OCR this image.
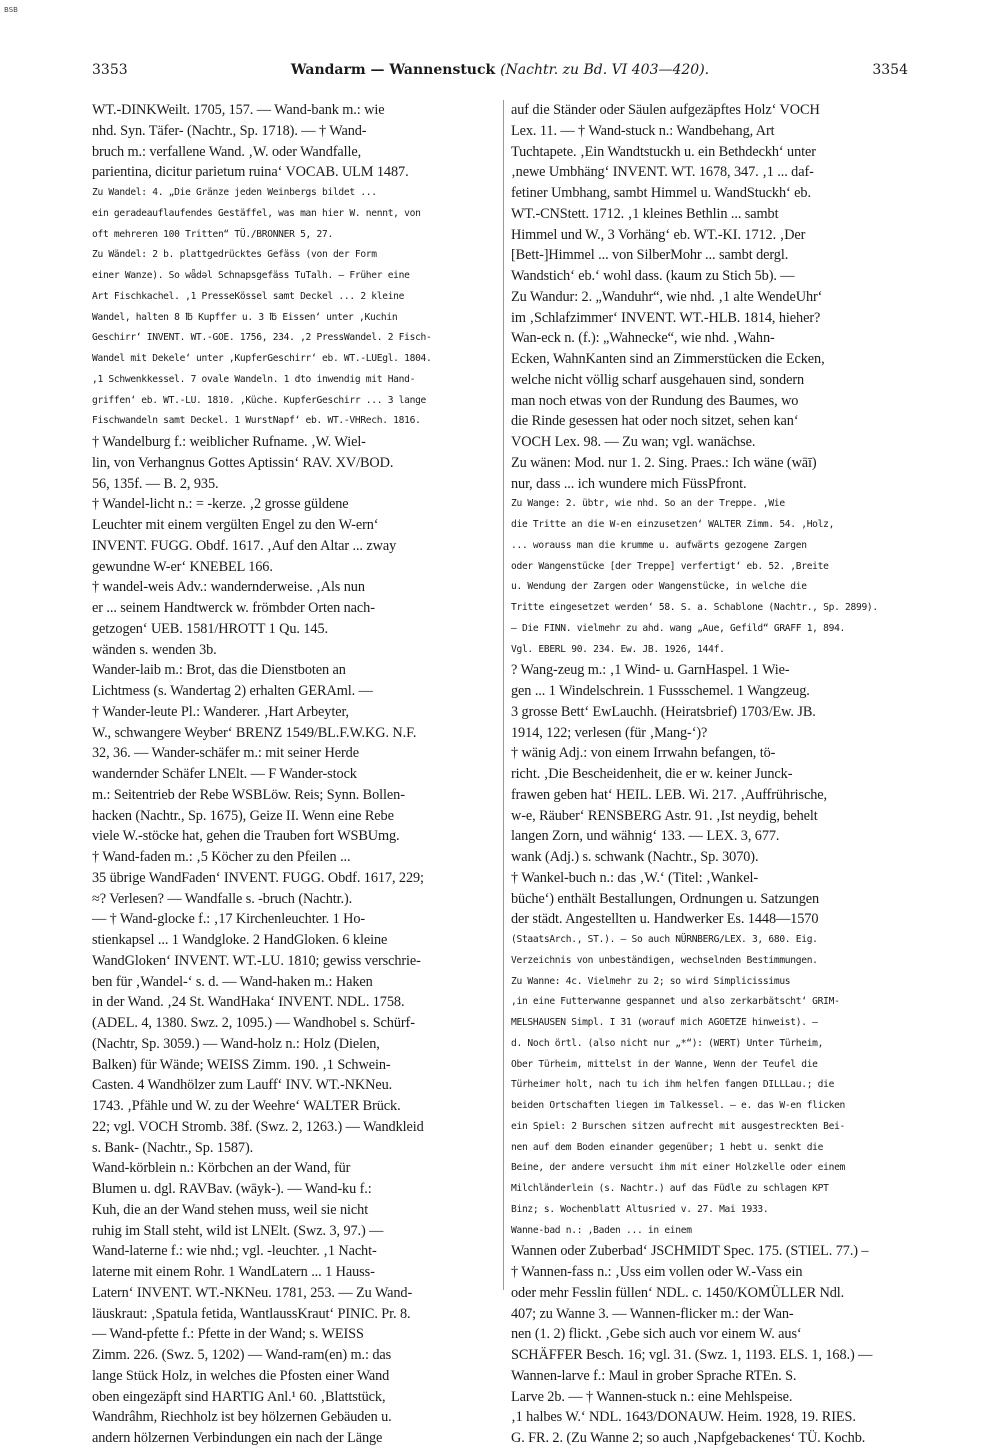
BSB
3353	Wandarm — Wannenstuck (Nachtr. zu Bd. VI 403—420).	3354
WT.-DINKWeilt. 1705, 157. — Wand-bank m.: wie
nhd. Syn. Täfer- (Nachtr., Sp. 1718). — † Wand-
bruch m.: verfallene Wand. ‚W. oder Wandfalle,
parientina, dicitur parietum ruina‘ VOCAB. ULM 1487.
Zu Wandel: 4. „Die Gränze jeden Weinbergs bildet ...
ein geradeauflaufendes Gestäffel, was man hier W. nennt, von
oft mehreren 100 Tritten“ TÜ./BRONNER 5, 27.
Zu Wändel: 2 b. plattgedrücktes Gefäss (von der Form
einer Wanze). So wǟdəl Schnapsgefäss TuTalh. – Früher eine
Art Fischkachel. ‚1 PresseKössel samt Deckel ... 2 kleine
Wandel, halten 8 ℔ Kupffer u. 3 ℔ Eissen‘ unter ‚Kuchin
Geschirr‘ INVENT. WT.-GOE. 1756, 234. ‚2 PressWandel. 2 Fisch-
Wandel mit Dekele‘ unter ‚KupferGeschirr‘ eb. WT.-LUEgl. 1804.
‚1 Schwenkkessel. 7 ovale Wandeln. 1 dto inwendig mit Hand-
griffen‘ eb. WT.-LU. 1810. ‚Küche. KupferGeschirr ... 3 lange
Fischwandeln samt Deckel. 1 WurstNapf‘ eb. WT.-VHRech. 1816.
† Wandelburg f.: weiblicher Rufname. ‚W. Wiel-
lin, von Verhangnus Gottes Aptissin‘ RAV. XV/BOD.
56, 135f. — B. 2, 935.
† Wandel-licht n.: = -kerze. ‚2 grosse güldene
Leuchter mit einem vergülten Engel zu den W-ern‘
INVENT. FUGG. Obdf. 1617. ‚Auf den Altar ... zway
gewundne W-er‘ KNEBEL 166.
† wandel-weis Adv.: wandernderweise. ‚Als nun
er ... seinem Handtwerck w. frömbder Orten nach-
getzogen‘ UEB. 1581/HROTT 1 Qu. 145.
wänden s. wenden 3b.
Wander-laib m.: Brot, das die Dienstboten an
Lichtmess (s. Wandertag 2) erhalten GERAml. —
† Wander-leute Pl.: Wanderer. ‚Hart Arbeyter,
W., schwangere Weyber‘ BRENZ 1549/BL.F.W.KG. N.F.
32, 36. — Wander-schäfer m.: mit seiner Herde
wandernder Schäfer LNElt. — F Wander-stock
m.: Seitentrieb der Rebe WSBLöw. Reis; Synn. Bollen-
hacken (Nachtr., Sp. 1675), Geize II. Wenn eine Rebe
viele W.-stöcke hat, gehen die Trauben fort WSBUmg.
† Wand-faden m.: ‚5 Köcher zu den Pfeilen ...
35 übrige WandFaden‘ INVENT. FUGG. Obdf. 1617, 229;
≈? Verlesen? — Wandfalle s. -bruch (Nachtr.).
— † Wand-glocke f.: ‚17 Kirchenleuchter. 1 Ho-
stienkapsel ... 1 Wandgloke. 2 HandGloken. 6 kleine
WandGloken‘ INVENT. WT.-LU. 1810; gewiss verschrie-
ben für ‚Wandel-‘ s. d. — Wand-haken m.: Haken
in der Wand. ‚24 St. WandHaka‘ INVENT. NDL. 1758.
(ADEL. 4, 1380. Swz. 2, 1095.) — Wandhobel s. Schürf-
(Nachtr, Sp. 3059.) — Wand-holz n.: Holz (Dielen,
Balken) für Wände; WEISS Zimm. 190. ‚1 Schwein-
Casten. 4 Wandhölzer zum Lauff‘ INV. WT.-NKNeu.
1743. ‚Pfähle und W. zu der Weehre‘ WALTER Brück.
22; vgl. VOCH Stromb. 38f. (Swz. 2, 1263.) — Wandkleid
s. Bank- (Nachtr., Sp. 1587).
Wand-körblein n.: Körbchen an der Wand, für
Blumen u. dgl. RAVBav. (wāyk-). — Wand-ku f.:
Kuh, die an der Wand stehen muss, weil sie nicht
ruhig im Stall steht, wild ist LNElt. (Swz. 3, 97.) —
Wand-laterne f.: wie nhd.; vgl. -leuchter. ‚1 Nacht-
laterne mit einem Rohr. 1 WandLatern ... 1 Hauss-
Latern‘ INVENT. WT.-NKNeu. 1781, 253. — Zu Wand-
läuskraut: ‚Spatula fetida, WantlaussKraut‘ PINIC. Pr. 8.
— Wand-pfette f.: Pfette in der Wand; s. WEISS
Zimm. 226. (Swz. 5, 1202) — Wand-ram(en) m.: das
lange Stück Holz, in welches die Pfosten einer Wand
oben eingezäpft sind HARTIG Anl.¹ 60. ‚Blattstück,
Wandrâhm, Riechholz ist bey hölzernen Gebäuden u.
andern hölzernen Verbindungen ein nach der Länge
auf die Ständer oder Säulen aufgezäpftes Holz‘ VOCH
Lex. 11. — † Wand-stuck n.: Wandbehang, Art
Tuchtapete. ‚Ein Wandtstuckh u. ein Bethdeckh‘ unter
‚newe Umbhäng‘ INVENT. WT. 1678, 347. ‚1 ... daf-
fetiner Umbhang, sambt Himmel u. WandStuckh‘ eb.
WT.-CNStett. 1712. ‚1 kleines Bethlin ... sambt
Himmel und W., 3 Vorhäng‘ eb. WT.-KI. 1712. ‚Der
[Bett-]Himmel ... von SilberMohr ... sambt dergl.
Wandstich‘ eb.‘ wohl dass. (kaum zu Stich 5b). —
Zu Wandur: 2. „Wanduhr“, wie nhd. ‚1 alte WendeUhr‘
im ‚Schlafzimmer‘ INVENT. WT.-HLB. 1814, hieher?
Wan-eck n. (f.): „Wahnecke“, wie nhd. ‚Wahn-
Ecken, WahnKanten sind an Zimmerstücken die Ecken,
welche nicht völlig scharf ausgehauen sind, sondern
man noch etwas von der Rundung des Baumes, wo
die Rinde gesessen hat oder noch sitzet, sehen kan‘
VOCH Lex. 98. — Zu wan; vgl. wanächse.
Zu wänen: Mod. nur 1. 2. Sing. Praes.: Ich wäne (wāī)
nur, dass ... ich wundere mich FüssPfront.
Zu Wange: 2. übtr, wie nhd. So an der Treppe. ‚Wie
die Tritte an die W-en einzusetzen‘ WALTER Zimm. 54. ‚Holz,
... worauss man die krumme u. aufwärts gezogene Zargen
oder Wangenstücke [der Treppe] verfertigt‘ eb. 52. ‚Breite
u. Wendung der Zargen oder Wangenstücke, in welche die
Tritte eingesetzet werden‘ 58. S. a. Schablone (Nachtr., Sp. 2899).
– Die FINN. vielmehr zu ahd. wang „Aue, Gefild“ GRAFF 1, 894.
Vgl. EBERL 90. 234. Ew. JB. 1926, 144f.
? Wang-zeug m.: ‚1 Wind- u. GarnHaspel. 1 Wie-
gen ... 1 Windelschrein. 1 Fussschemel. 1 Wangzeug.
3 grosse Bett‘ EwLauchh. (Heiratsbrief) 1703/Ew. JB.
1914, 122; verlesen (für ‚Mang-‘)?
† wänig Adj.: von einem Irrwahn befangen, tö-
richt. ‚Die Bescheidenheit, die er w. keiner Junck-
frawen geben hat‘ HEIL. LEB. Wi. 217. ‚Auffrührische,
w-e, Räuber‘ RENSBERG Astr. 91. ‚Ist neydig, behelt
langen Zorn, und wähnig‘ 133. — LEX. 3, 677.
wank (Adj.) s. schwank (Nachtr., Sp. 3070).
† Wankel-buch n.: das ‚W.‘ (Titel: ‚Wankel-
büche‘) enthält Bestallungen, Ordnungen u. Satzungen
der städt. Angestellten u. Handwerker Es. 1448—1570
(StaatsArch., ST.). — So auch NÜRNBERG/LEX. 3, 680. Eig.
Verzeichnis von unbeständigen, wechselnden Bestimmungen.
Zu Wanne: 4c. Vielmehr zu 2; so wird Simplicissimus
‚in eine Futterwanne gespannet und also zerkarbätscht‘ GRIM-
MELSHAUSEN Simpl. I 31 (worauf mich AGOETZE hinweist). –
d. Noch örtl. (also nicht nur „*“): (WERT) Unter Türheim,
Ober Türheim, mittelst in der Wanne, Wenn der Teufel die
Türheimer holt, nach tu ich ihm helfen fangen DILLLau.; die
beiden Ortschaften liegen im Talkessel. – e. das W-en flicken
ein Spiel: 2 Burschen sitzen aufrecht mit ausgestreckten Bei-
nen auf dem Boden einander gegenüber; 1 hebt u. senkt die
Beine, der andere versucht ihm mit einer Holzkelle oder einem
Milchländerlein (s. Nachtr.) auf das Füdle zu schlagen KPT
Binz; s. Wochenblatt Altusried v. 27. Mai 1933.
Wanne-bad n.: ‚Baden ... in einem
Wannen oder Zuberbad‘ JSCHMIDT Spec. 175. (STIEL. 77.) –
† Wannen-fass n.: ‚Uss eim vollen oder W.-Vass ein
oder mehr Fesslin füllen‘ NDL. c. 1450/KOMÜLLER Ndl.
407; zu Wanne 3. — Wannen-flicker m.: der Wan-
nen (1. 2) flickt. ‚Gebe sich auch vor einem W. aus‘
SCHÄFFER Besch. 16; vgl. 31. (Swz. 1, 1193. ELS. 1, 168.) —
Wannen-larve f.: Maul in grober Sprache RTEn. S.
Larve 2b. — † Wannen-stuck n.: eine Mehlspeise.
‚1 halbes W.‘ NDL. 1643/DONAUW. Heim. 1928, 19. RIES.
G. FR. 2. (Zu Wanne 2; so auch ‚Napfgebackenes‘ TÜ. Kochb.
